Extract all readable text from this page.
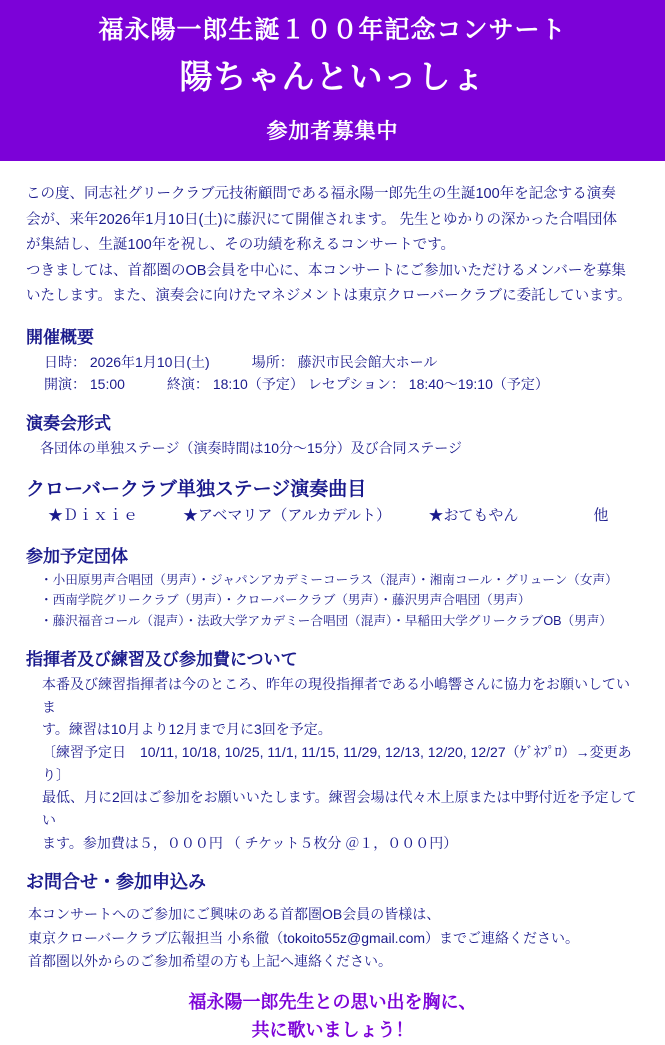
福永陽一郎生誕１００年記念コンサート
陽ちゃんといっしょ
参加者募集中

この度、同志社グリークラブ元技術顧問である福永陽一郎先生の生誕100年を記念する演奏

会が、来年2026年1月10日(土)に藤沢にて開催されます。 先生とゆかりの深かった合唱団体

が集結し、生誕100年を祝し、その功績を称えるコンサートです。

つきましては、首都圏のOB会員を中心に、本コンサートにご参加いただけるメンバーを募集

いたします。また、演奏会に向けたマネジメントは東京クローバークラブに委託しています。

開催概要
日時： 2026年1月10日(土)　　　場所： 藤沢市民会館大ホール
開演： 15:00　　　終演： 18:10（予定） レセプション： 18:40～19:10（予定）
演奏会形式
各団体の単独ステージ（演奏時間は10分～15分）及び合同ステージ
クローバークラブ単独ステージ演奏曲目
★Ｄｉｘｉｅ　　　★アベマリア（アルカデルト）　　　★おてもやん　　　　　他
参加予定団体
・小田原男声合唱団（男声）・ジャパンアカデミーコーラス（混声）・湘南コール・グリューン（女声）
・西南学院グリークラブ（男声）・クローバークラブ（男声）・藤沢男声合唱団（男声）
・藤沢福音コール（混声）・法政大学アカデミー合唱団（混声）・早稲田大学グリークラブOB（男声）
指揮者及び練習及び参加費について
本番及び練習指揮者は今のところ、昨年の現役指揮者である小嶋響さんに協力をお願いしていま
す。練習は10月より12月まで月に3回を予定。
〔練習予定日　10/11, 10/18, 10/25, 11/1, 11/15, 11/29, 12/13, 12/20, 12/27（ｹﾞﾈﾌﾟﾛ）→変更あり〕
最低、月に2回はご参加をお願いいたします。練習会場は代々木上原または中野付近を予定してい
ます。参加費は５，０００円 （ チケット５枚分 ＠１，０００円）
お問合せ・参加申込み
本コンサートへのご参加にご興味のある首都圏OB会員の皆様は、
東京クローバークラブ広報担当 小糸徹（tokoito55z@gmail.com）までご連絡ください。
首都圏以外からのご参加希望の方も上記へ連絡ください。
福永陽一郎先生との思い出を胸に、
共に歌いましょう！
